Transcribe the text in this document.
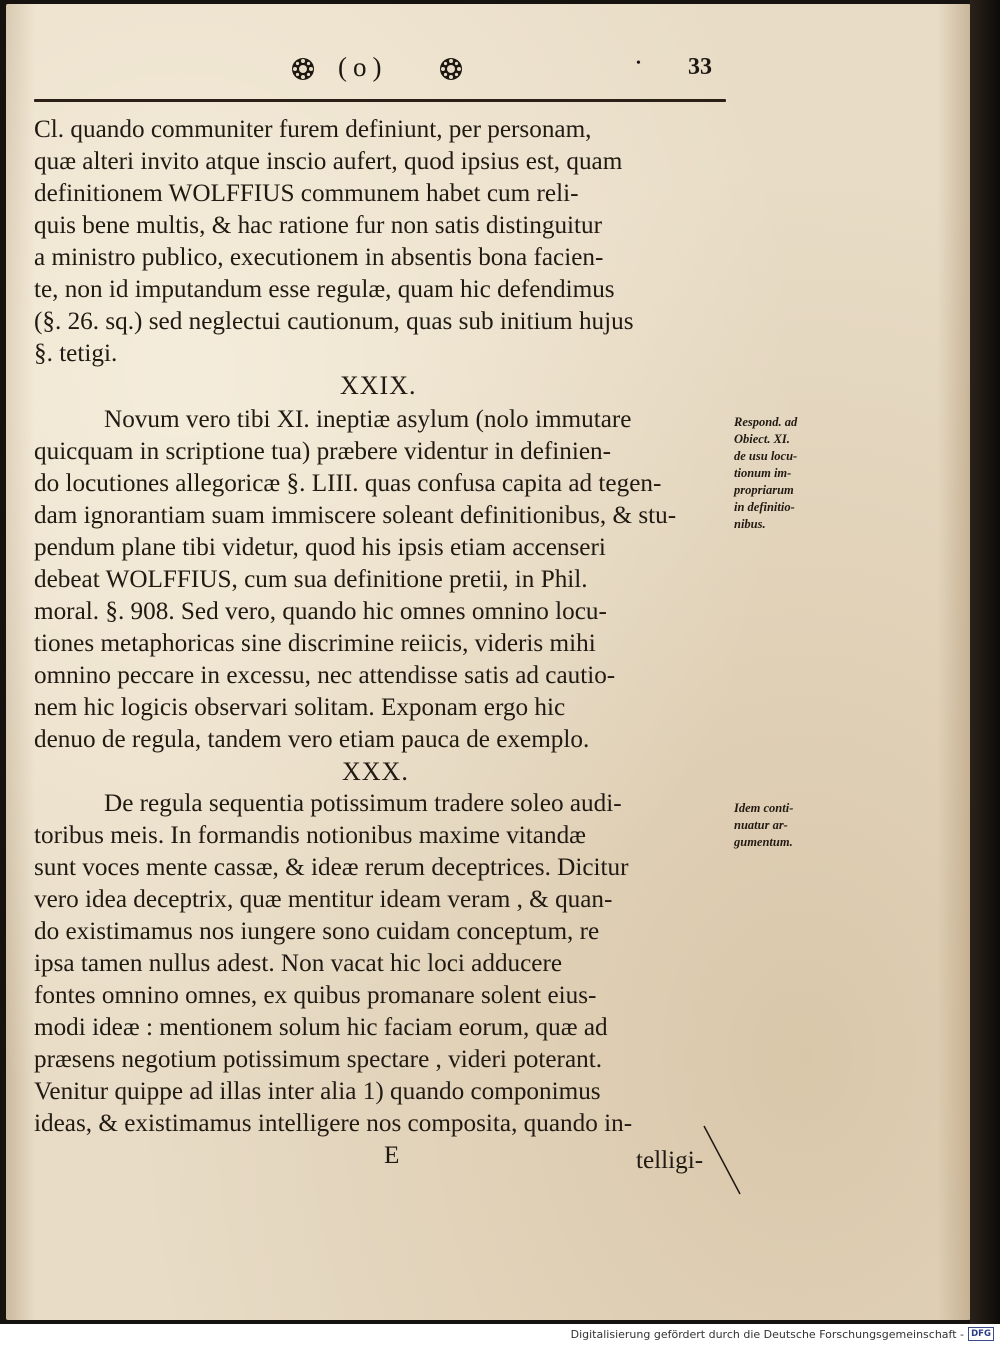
(o)	• 33
Cl. quando communiter furem definiunt, per personam,
quæ alteri invito atque inscio aufert, quod ipsius est, quam
definitionem WOLFFIUS communem habet cum reli-
quis bene multis, & hac ratione fur non satis distinguitur
a ministro publico, executionem in absentis bona facien-
te, non id imputandum esse regulæ, quam hic defendimus
(§. 26. sq.) sed neglectui cautionum, quas sub initium hujus
§. tetigi.
XXIX.
Novum vero tibi XI. ineptiæ asylum (nolo immutare
quicquam in scriptione tua) præbere videntur in definien-
do locutiones allegoricæ §. LIII. quas confusa capita ad tegen-
dam ignorantiam suam immiscere soleant definitionibus, & stu-
pendum plane tibi videtur, quod his ipsis etiam accenseri
debeat WOLFFIUS, cum sua definitione pretii, in Phil.
moral. §. 908. Sed vero, quando hic omnes omnino locu-
tiones metaphoricas sine discrimine reiicis, videris mihi
omnino peccare in excessu, nec attendisse satis ad cautio-
nem hic logicis observari solitam. Exponam ergo hic
denuo de regula, tandem vero etiam pauca de exemplo.
XXX.
De regula sequentia potissimum tradere soleo audi-
toribus meis. In formandis notionibus maxime vitandæ
sunt voces mente cassæ, & ideæ rerum deceptrices. Dicitur
vero idea deceptrix, quæ mentitur ideam veram , & quan-
do existimamus nos iungere sono cuidam conceptum, re
ipsa tamen nullus adest. Non vacat hic loci adducere
fontes omnino omnes, ex quibus promanare solent eius-
modi ideæ : mentionem solum hic faciam eorum, quæ ad
præsens negotium potissimum spectare , videri poterant.
Venitur quippe ad illas inter alia 1) quando componimus
ideas, & existimamus intelligere nos composita, quando in-
E	telligi-
Respond. ad
Obiect. XI.
de usu locu-
tionum im-
propriarum
in definitio-
nibus.
Idem conti-
nuatur ar-
gumentum.
Digitalisierung gefördert durch die Deutsche Forschungsgemeinschaft - DFG
